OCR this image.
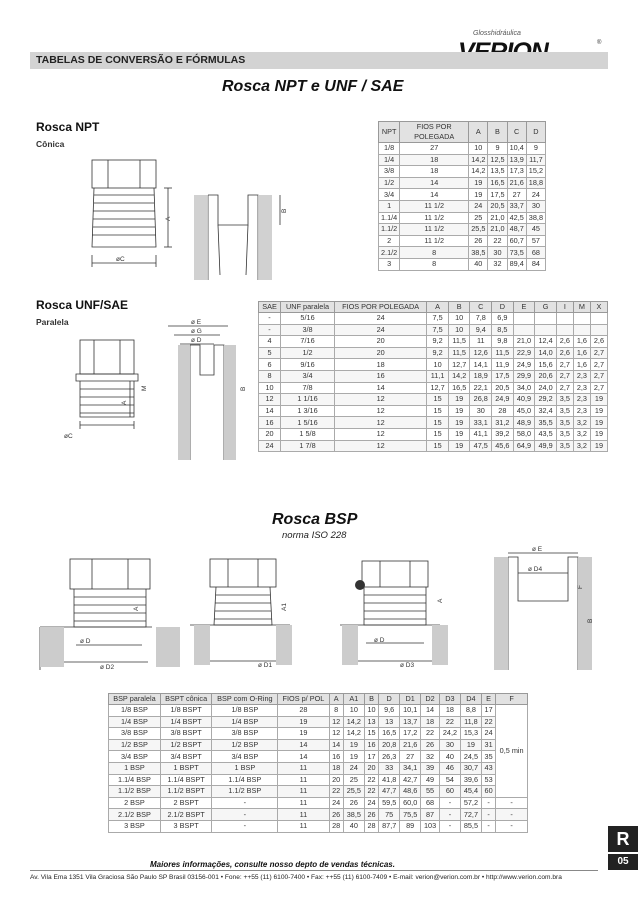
Glosshidráulica
®
TABELAS DE CONVERSÃO E FÓRMULAS
Rosca NPT e UNF / SAE
Rosca NPT
Cônica
A
B
øC
NPT	FIOS POR POLEGADA	A	B	C	D
1/8	27	10	9	10,4	9
1/4	18	14,2	12,5	13,9	11,7
3/8	18	14,2	13,5	17,3	15,2
1/2	14	19	16,5	21,6	18,8
3/4	14	19	17,5	27	24
1	11 1/2	24	20,5	33,7	30
1.1/4	11 1/2	25	21,0	42,5	38,8
1.1/2	11 1/2	25,5	21,0	48,7	45
2	11 1/2	26	22	60,7	57
2.1/2	8	38,5	30	73,5	68
3	8	40	32	89,4	84
Rosca UNF/SAE
Paralela	ø E
ø G
ø D
A
M	B
øC
SAE	UNF paralela	FIOS POR POLEGADA	A	B	C	D	E	G	I	M	X
-	5/16	24	7,5	10	7,8	6,9					
-	3/8	24	7,5	10	9,4	8,5					
4	7/16	20	9,2	11,5	11	9,8	21,0	12,4	2,6	1,6	2,6
5	1/2	20	9,2	11,5	12,6	11,5	22,9	14,0	2,6	1,6	2,7
6	9/16	18	10	12,7	14,1	11,9	24,9	15,6	2,7	1,6	2,7
8	3/4	16	11,1	14,2	18,9	17,5	29,9	20,6	2,7	2,3	2,7
10	7/8	14	12,7	16,5	22,1	20,5	34,0	24,0	2,7	2,3	2,7
12	1 1/16	12	15	19	26,8	24,9	40,9	29,2	3,5	2,3	19
14	1 3/16	12	15	19	30	28	45,0	32,4	3,5	2,3	19
16	1 5/16	12	15	19	33,1	31,2	48,9	35,5	3,5	3,2	19
20	1 5/8	12	15	19	41,1	39,2	58,0	43,5	3,5	3,2	19
24	1 7/8	12	15	19	47,5	45,6	64,9	49,9	3,5	3,2	19
Rosca BSP
norma ISO 228
A	A1
A
ø D
ø D2	ø D1
ø D
ø D3
ø E
ø D4
F
B
BSP paralela	BSPT cônica	BSP com O-Ring	FIOS p/ POL	A	A1	B	D	D1	D2	D3	D4	E	F
1/8 BSP	1/8 BSPT	1/8 BSP	28	8	10	10	9,6	10,1	14	18	8,8	17	0,5 min
1/4 BSP	1/4 BSPT	1/4 BSP	19	12	14,2	13	13	13,7	18	22	11,8	22	
3/8 BSP	3/8 BSPT	3/8 BSP	19	12	14,2	15	16,5	17,2	22	24,2	15,3	24	
1/2 BSP	1/2 BSPT	1/2 BSP	14	14	19	16	20,8	21,6	26	30	19	31	
3/4 BSP	3/4 BSPT	3/4 BSP	14	16	19	17	26,3	27	32	40	24,5	35	
1 BSP	1 BSPT	1 BSP	11	18	24	20	33	34,1	39	46	30,7	43	
1.1/4 BSP	1.1/4 BSPT	1.1/4 BSP	11	20	25	22	41,8	42,7	49	54	39,6	53	
1.1/2 BSP	1.1/2 BSPT	1.1/2 BSP	11	22	25,5	22	47,7	48,6	55	60	45,4	60	
2 BSP	2 BSPT	-	11	24	26	24	59,5	60,0	68	-	57,2	-	-
2.1/2 BSP	2.1/2 BSPT	-	11	26	38,5	26	75	75,5	87	-	72,7	-	-
3 BSP	3 BSPT	-	11	28	40	28	87,7	89	103	-	85,5	-	-
Maiores informações, consulte nosso depto de vendas técnicas.
Av. Vila Ema 1351 Vila Graciosa São Paulo SP Brasil 03156-001 • Fone: ++55 (11) 6100-7400 • Fax: ++55 (11) 6100-7409 • E-mail: verion@verion.com.br • http://www.verion.com.bra
R
05
